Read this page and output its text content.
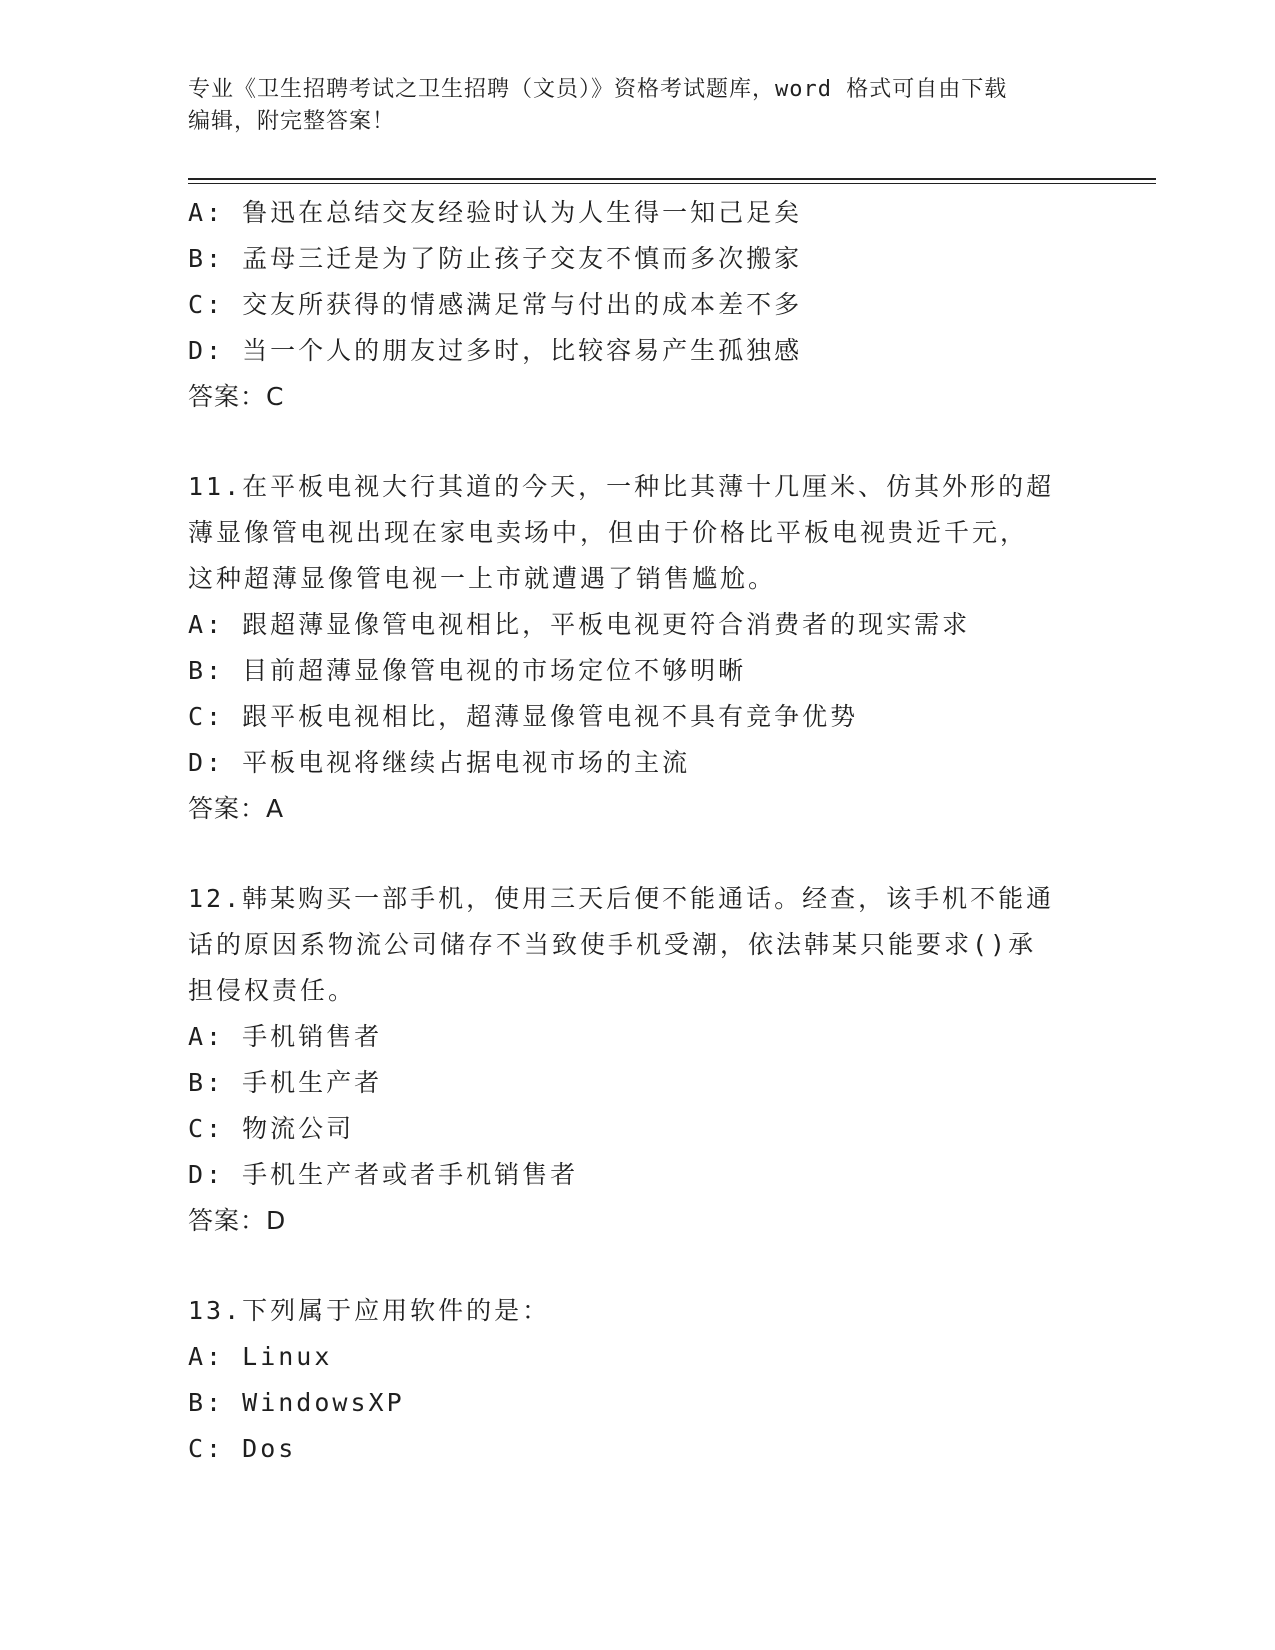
专业《卫生招聘考试之卫生招聘（文员）》资格考试题库，word 格式可自由下载
编辑，附完整答案！
A: 鲁迅在总结交友经验时认为人生得一知己足矣
B: 孟母三迁是为了防止孩子交友不慎而多次搬家
C: 交友所获得的情感满足常与付出的成本差不多
D: 当一个人的朋友过多时，比较容易产生孤独感
答案：C
11.在平板电视大行其道的今天，一种比其薄十几厘米、仿其外形的超
薄显像管电视出现在家电卖场中，但由于价格比平板电视贵近千元，
这种超薄显像管电视一上市就遭遇了销售尴尬。
A: 跟超薄显像管电视相比，平板电视更符合消费者的现实需求
B: 目前超薄显像管电视的市场定位不够明晰
C: 跟平板电视相比，超薄显像管电视不具有竞争优势
D: 平板电视将继续占据电视市场的主流
答案：A
12.韩某购买一部手机，使用三天后便不能通话。经查，该手机不能通
话的原因系物流公司储存不当致使手机受潮，依法韩某只能要求()承
担侵权责任。
A: 手机销售者
B: 手机生产者
C: 物流公司
D: 手机生产者或者手机销售者
答案：D
13.下列属于应用软件的是：
A: Linux
B: WindowsXP
C: Dos
